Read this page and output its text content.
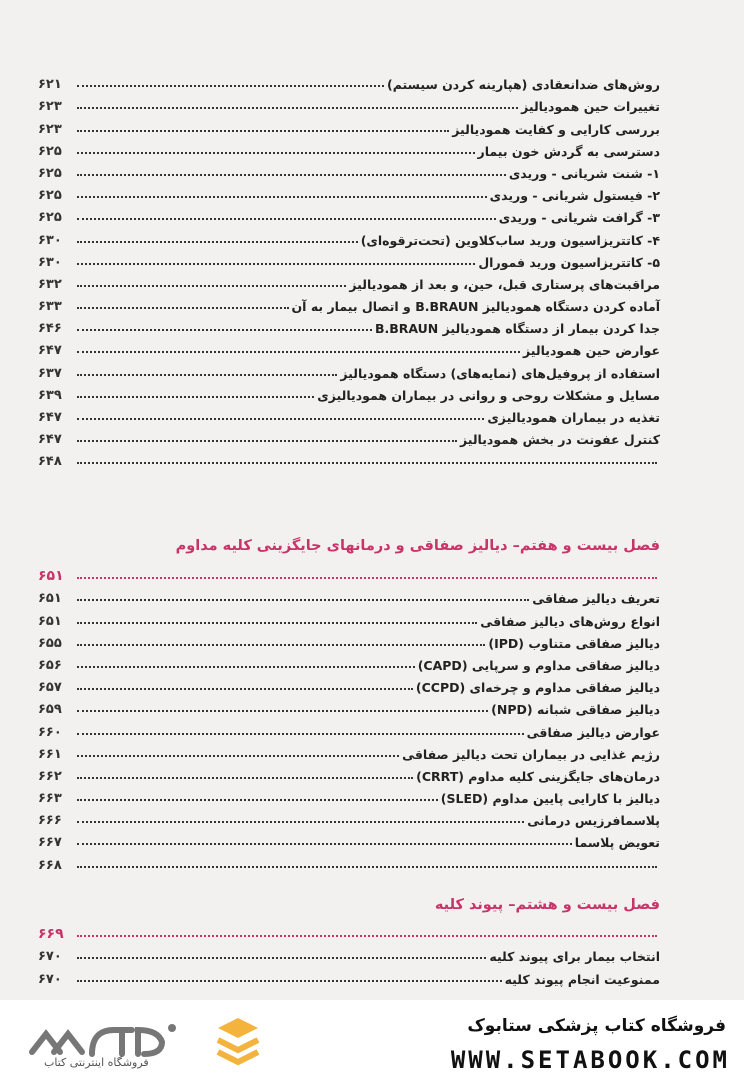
روش‌های ضدانعقادی (هپارینه کردن سیستم)
۶۲۱
تغییرات حین همودیالیز
۶۲۳
بررسی کارایی و کفایت همودیالیز
۶۲۳
دسترسی به گردش خون بیمار
۶۲۵
۱- شنت شریانی - وریدی
۶۲۵
۲- فیستول شریانی - وریدی
۶۲۵
۳- گرافت شریانی - وریدی
۶۲۵
۴- کاتتریزاسیون ورید ساب‌کلاوین (تحت‌ترقوه‌ای)
۶۳۰
۵- کاتتریزاسیون ورید فمورال
۶۳۰
مراقبت‌های پرستاری قبل، حین، و بعد از همودیالیز
۶۳۲
آماده کردن دستگاه همودیالیز B.BRAUN و اتصال بیمار به آن
۶۳۳
جدا کردن بیمار از دستگاه همودیالیز B.BRAUN
۶۴۶
عوارض حین همودیالیز
۶۴۷
استفاده از پروفیل‌های (نمایه‌های) دستگاه همودیالیز
۶۳۷
مسایل و مشکلات روحی و روانی در بیماران همودیالیزی
۶۳۹
تغذیه در بیماران همودیالیزی
۶۴۷
کنترل عفونت در بخش همودیالیز
۶۴۷
۶۴۸
فصل بیست و هفتم– دیالیز صفاقی و درمانهای جایگزینی کلیه مداوم
۶۵۱
تعریف دیالیز صفاقی
۶۵۱
انواع روش‌های دیالیز صفاقی
۶۵۱
دیالیز صفاقی متناوب (IPD)
۶۵۵
دیالیز صفاقی مداوم و سرپایی (CAPD)
۶۵۶
دیالیز صفاقی مداوم و چرخه‌ای (CCPD)
۶۵۷
دیالیز صفاقی شبانه (NPD)
۶۵۹
عوارض دیالیز صفاقی
۶۶۰
رژیم غذایی در بیماران تحت دیالیز صفاقی
۶۶۱
درمان‌های جایگزینی کلیه مداوم (CRRT)
۶۶۲
دیالیز با کارایی پایین مداوم (SLED)
۶۶۳
پلاسمافرزیس درمانی
۶۶۶
تعویض پلاسما
۶۶۷
۶۶۸
فصل بیست و هشتم– پیوند کلیه
۶۶۹
انتخاب بیمار برای پیوند کلیه
۶۷۰
ممنوعیت انجام پیوند کلیه
۶۷۰
فروشگاه اینترنتی کتاب
فروشگاه کتاب پزشکی ستابوک
WWW.SETABOOK.COM
